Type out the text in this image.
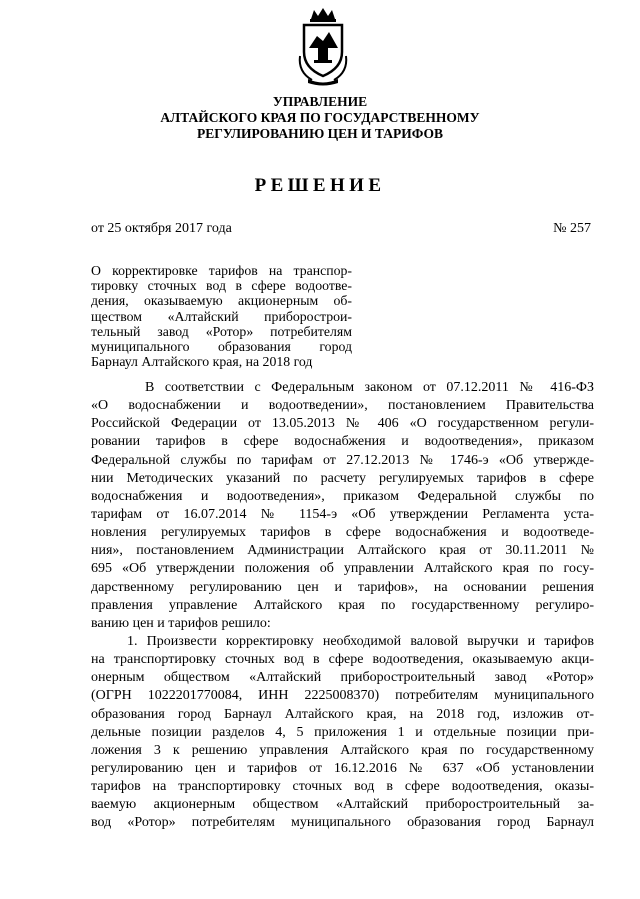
УПРАВЛЕНИЕ
АЛТАЙСКОГО КРАЯ ПО ГОСУДАРСТВЕННОМУ
РЕГУЛИРОВАНИЮ ЦЕН И ТАРИФОВ
РЕШЕНИЕ
от 25 октября 2017 года	№ 257
О корректировке тарифов на транспор-
тировку сточных вод в сфере водоотве-
дения, оказываемую акционерным об-
ществом «Алтайский приборострои-
тельный завод «Ротор» потребителям
муниципального образования город
Барнаул Алтайского края, на 2018 год
В соответствии с Федеральным законом от 07.12.2011 № 416-ФЗ
«О водоснабжении и водоотведении», постановлением Правительства
Российской Федерации от 13.05.2013 № 406 «О государственном регули-
ровании тарифов в сфере водоснабжения и водоотведения», приказом
Федеральной службы по тарифам от 27.12.2013 № 1746-э «Об утвержде-
нии Методических указаний по расчету регулируемых тарифов в сфере
водоснабжения и водоотведения», приказом Федеральной службы по
тарифам от 16.07.2014 № 1154-э «Об утверждении Регламента уста-
новления регулируемых тарифов в сфере водоснабжения и водоотведе-
ния», постановлением Администрации Алтайского края от 30.11.2011 №
695 «Об утверждении положения об управлении Алтайского края по госу-
дарственному регулированию цен и тарифов», на основании решения
правления управление Алтайского края по государственному регулиро-
ванию цен и тарифов решило:
1. Произвести корректировку необходимой валовой выручки и тарифов
на транспортировку сточных вод в сфере водоотведения, оказываемую акци-
онерным обществом «Алтайский приборостроительный завод «Ротор»
(ОГРН 1022201770084, ИНН 2225008370) потребителям муниципального
образования город Барнаул Алтайского края, на 2018 год, изложив от-
дельные позиции разделов 4, 5 приложения 1 и отдельные позиции при-
ложения 3 к решению управления Алтайского края по государственному
регулированию цен и тарифов от 16.12.2016 № 637 «Об установлении
тарифов на транспортировку сточных вод в сфере водоотведения, оказы-
ваемую акционерным обществом «Алтайский приборостроительный за-
вод «Ротор» потребителям муниципального образования город Барнаул
